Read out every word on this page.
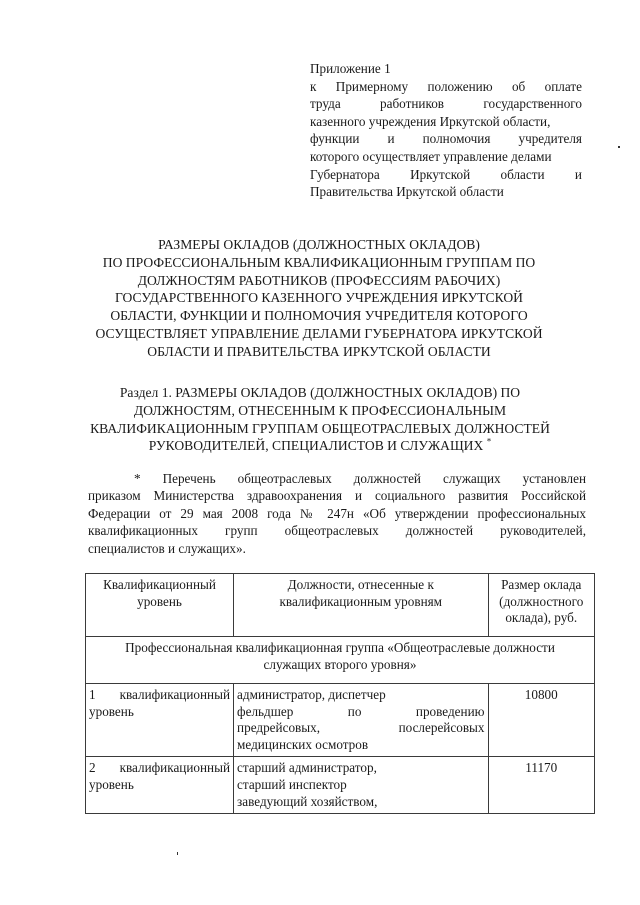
Приложение 1
к Примерному положению об оплате
труда работников государственного
казенного учреждения Иркутской области,
функции и полномочия учредителя
которого осуществляет управление делами
Губернатора Иркутской области и
Правительства Иркутской области
РАЗМЕРЫ ОКЛАДОВ (ДОЛЖНОСТНЫХ ОКЛАДОВ)
ПО ПРОФЕССИОНАЛЬНЫМ КВАЛИФИКАЦИОННЫМ ГРУППАМ ПО
ДОЛЖНОСТЯМ РАБОТНИКОВ (ПРОФЕССИЯМ РАБОЧИХ)
ГОСУДАРСТВЕННОГО КАЗЕННОГО УЧРЕЖДЕНИЯ ИРКУТСКОЙ
ОБЛАСТИ, ФУНКЦИИ И ПОЛНОМОЧИЯ УЧРЕДИТЕЛЯ КОТОРОГО
ОСУЩЕСТВЛЯЕТ УПРАВЛЕНИЕ ДЕЛАМИ ГУБЕРНАТОРА ИРКУТСКОЙ
ОБЛАСТИ И ПРАВИТЕЛЬСТВА ИРКУТСКОЙ ОБЛАСТИ
Раздел 1. РАЗМЕРЫ ОКЛАДОВ (ДОЛЖНОСТНЫХ ОКЛАДОВ) ПО
ДОЛЖНОСТЯМ, ОТНЕСЕННЫМ К ПРОФЕССИОНАЛЬНЫМ
КВАЛИФИКАЦИОННЫМ ГРУППАМ ОБЩЕОТРАСЛЕВЫХ ДОЛЖНОСТЕЙ
РУКОВОДИТЕЛЕЙ, СПЕЦИАЛИСТОВ И СЛУЖАЩИХ *
* Перечень общеотраслевых должностей служащих установлен
приказом Министерства здравоохранения и социального развития Российской
Федерации от 29 мая 2008 года № 247н «Об утверждении профессиональных
квалификационных групп общеотраслевых должностей руководителей,
специалистов и служащих».
Квалификационный
уровень	Должности, отнесенные к
квалификационным уровням	Размер оклада
(должностного
оклада), руб.

Профессиональная квалификационная группа «Общеотраслевые должности
служащих второго уровня»		

1 квалификационный
уровень	администратор, диспетчер
фельдшер по проведению
предрейсовых, послерейсовых
медицинских осмотров	10800

2 квалификационный
уровень	старший администратор,
старший инспектор
заведующий хозяйством,	11170
